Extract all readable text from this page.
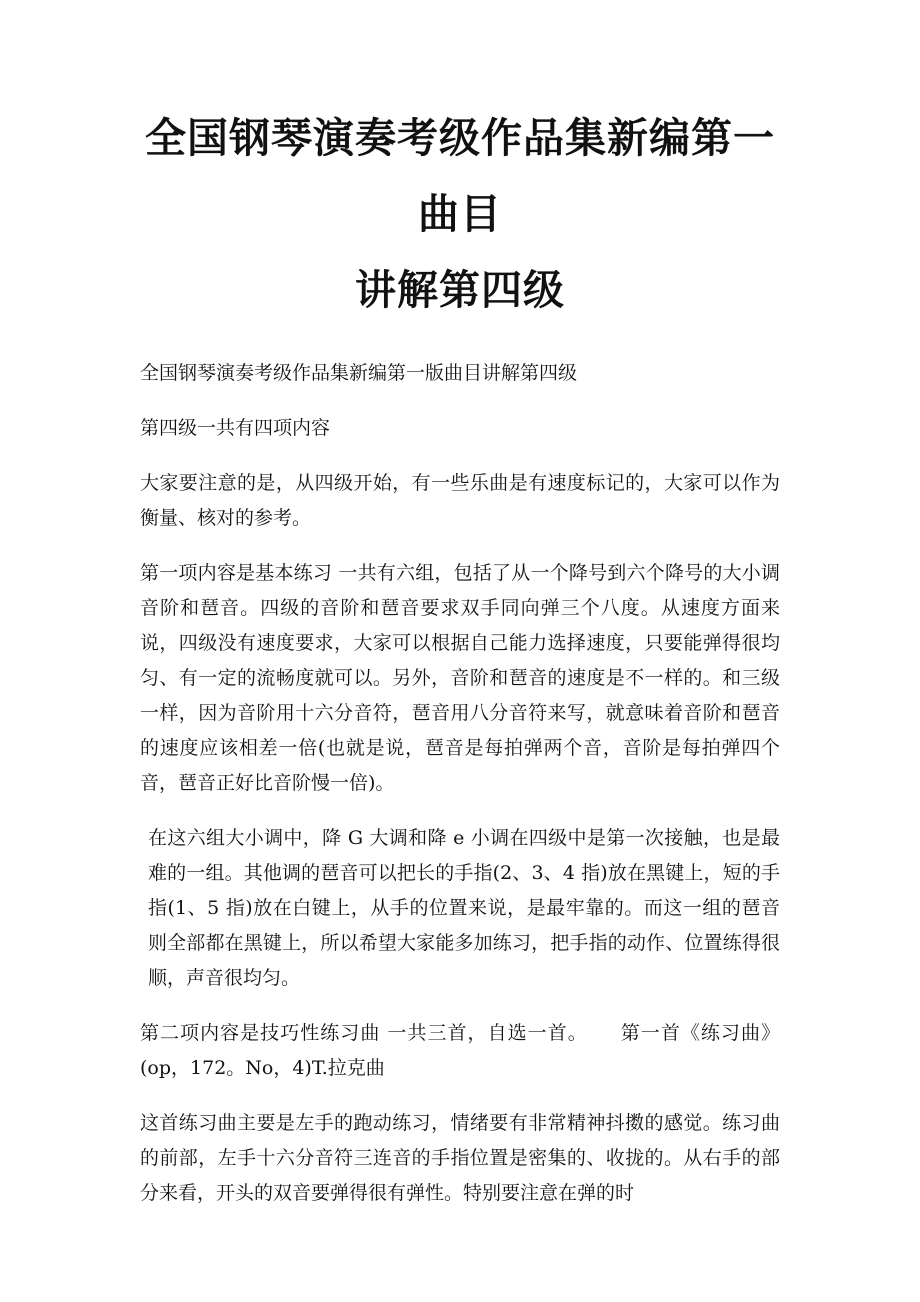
全国钢琴演奏考级作品集新编第一曲目
讲解第四级

全国钢琴演奏考级作品集新编第一版曲目讲解第四级

第四级一共有四项内容

大家要注意的是，从四级开始，有一些乐曲是有速度标记的，大家可以作为衡量、核对的参考。

第一项内容是基本练习 一共有六组，包括了从一个降号到六个降号的大小调音阶和琶音。四级的音阶和琶音要求双手同向弹三个八度。从速度方面来说，四级没有速度要求，大家可以根据自己能力选择速度，只要能弹得很均匀、有一定的流畅度就可以。另外，音阶和琶音的速度是不一样的。和三级一样，因为音阶用十六分音符，琶音用八分音符来写，就意味着音阶和琶音的速度应该相差一倍(也就是说，琶音是每拍弹两个音，音阶是每拍弹四个音，琶音正好比音阶慢一倍)。

在这六组大小调中，降 G 大调和降 e 小调在四级中是第一次接触，也是最难的一组。其他调的琶音可以把长的手指(2、3、4 指)放在黑键上，短的手指(1、5 指)放在白键上，从手的位置来说，是最牢靠的。而这一组的琶音则全部都在黑键上，所以希望大家能多加练习，把手指的动作、位置练得很顺，声音很均匀。

第二项内容是技巧性练习曲 一共三首，自选一首。 第一首《练习曲》(op，172。No，4)T.拉克曲

这首练习曲主要是左手的跑动练习，情绪要有非常精神抖擞的感觉。练习曲的前部，左手十六分音符三连音的手指位置是密集的、收拢的。从右手的部分来看，开头的双音要弹得很有弹性。特别要注意在弹的时
